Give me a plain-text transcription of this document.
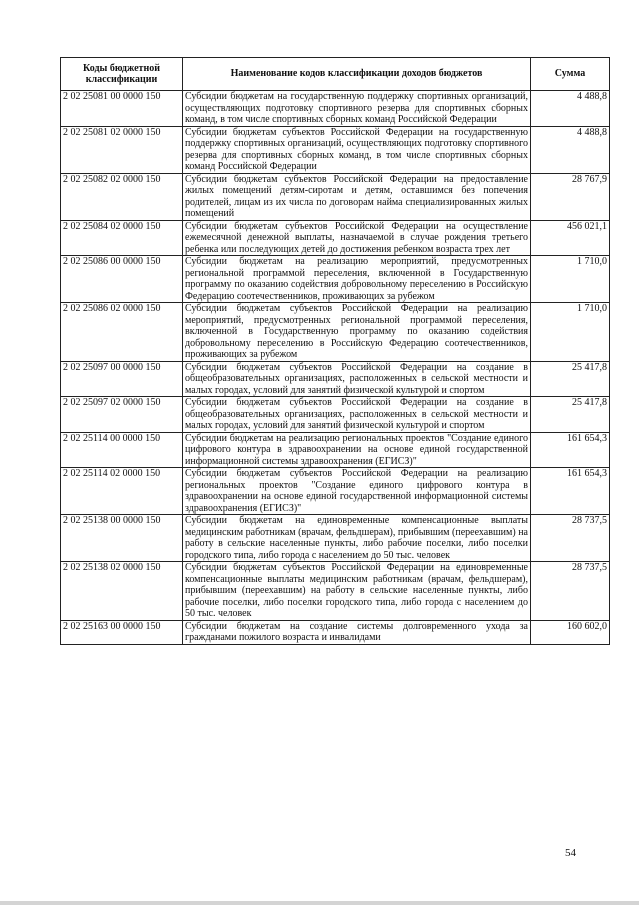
Коды бюджетной классификации	Наименование кодов классификации доходов бюджетов	Сумма
2 02 25081 00 0000 150	Субсидии бюджетам на государственную поддержку спортивных организаций, осуществляющих подготовку спортивного резерва для спортивных сборных команд, в том числе спортивных сборных команд Российской Федерации	4 488,8
2 02 25081 02 0000 150	Субсидии бюджетам субъектов Российской Федерации на государственную поддержку спортивных организаций, осуществляющих подготовку спортивного резерва для спортивных сборных команд, в том числе спортивных сборных команд Российской Федерации	4 488,8
2 02 25082 02 0000 150	Субсидии бюджетам субъектов Российской Федерации на предоставление жилых помещений детям-сиротам и детям, оставшимся без попечения родителей, лицам из их числа по договорам найма специализированных жилых помещений	28 767,9
2 02 25084 02 0000 150	Субсидии бюджетам субъектов Российской Федерации на осуществление ежемесячной денежной выплаты, назначаемой в случае рождения третьего ребенка или последующих детей до достижения ребенком возраста трех лет	456 021,1
2 02 25086 00 0000 150	Субсидии бюджетам на реализацию мероприятий, предусмотренных региональной программой переселения, включенной в Государственную программу по оказанию содействия добровольному переселению в Российскую Федерацию соотечественников, проживающих за рубежом	1 710,0
2 02 25086 02 0000 150	Субсидии бюджетам субъектов Российской Федерации на реализацию мероприятий, предусмотренных региональной программой переселения, включенной в Государственную программу по оказанию содействия добровольному переселению в Российскую Федерацию соотечественников, проживающих за рубежом	1 710,0
2 02 25097 00 0000 150	Субсидии бюджетам субъектов Российской Федерации на создание в общеобразовательных организациях, расположенных в сельской местности и малых городах, условий для занятий физической культурой и спортом	25 417,8
2 02 25097 02 0000 150	Субсидии бюджетам субъектов Российской Федерации на создание в общеобразовательных организациях, расположенных в сельской местности и малых городах, условий для занятий физической культурой и спортом	25 417,8
2 02 25114 00 0000 150	Субсидии бюджетам на реализацию региональных проектов "Создание единого цифрового контура в здравоохранении на основе единой государственной информационной системы здравоохранения (ЕГИСЗ)"	161 654,3
2 02 25114 02 0000 150	Субсидии бюджетам субъектов Российской Федерации на реализацию региональных проектов "Создание единого цифрового контура в здравоохранении на основе единой государственной информационной системы здравоохранения (ЕГИСЗ)"	161 654,3
2 02 25138 00 0000 150	Субсидии бюджетам на единовременные компенсационные выплаты медицинским работникам (врачам, фельдшерам), прибывшим (переехавшим) на работу в сельские населенные пункты, либо рабочие поселки, либо поселки городского типа, либо города с населением до 50 тыс. человек	28 737,5
2 02 25138 02 0000 150	Субсидии бюджетам субъектов Российской Федерации на единовременные компенсационные выплаты медицинским работникам (врачам, фельдшерам), прибывшим (переехавшим) на работу в сельские населенные пункты, либо рабочие поселки, либо поселки городского типа, либо города с населением до 50 тыс. человек	28 737,5
2 02 25163 00 0000 150	Субсидии бюджетам на создание системы долговременного ухода за гражданами пожилого возраста и инвалидами	160 602,0
54
